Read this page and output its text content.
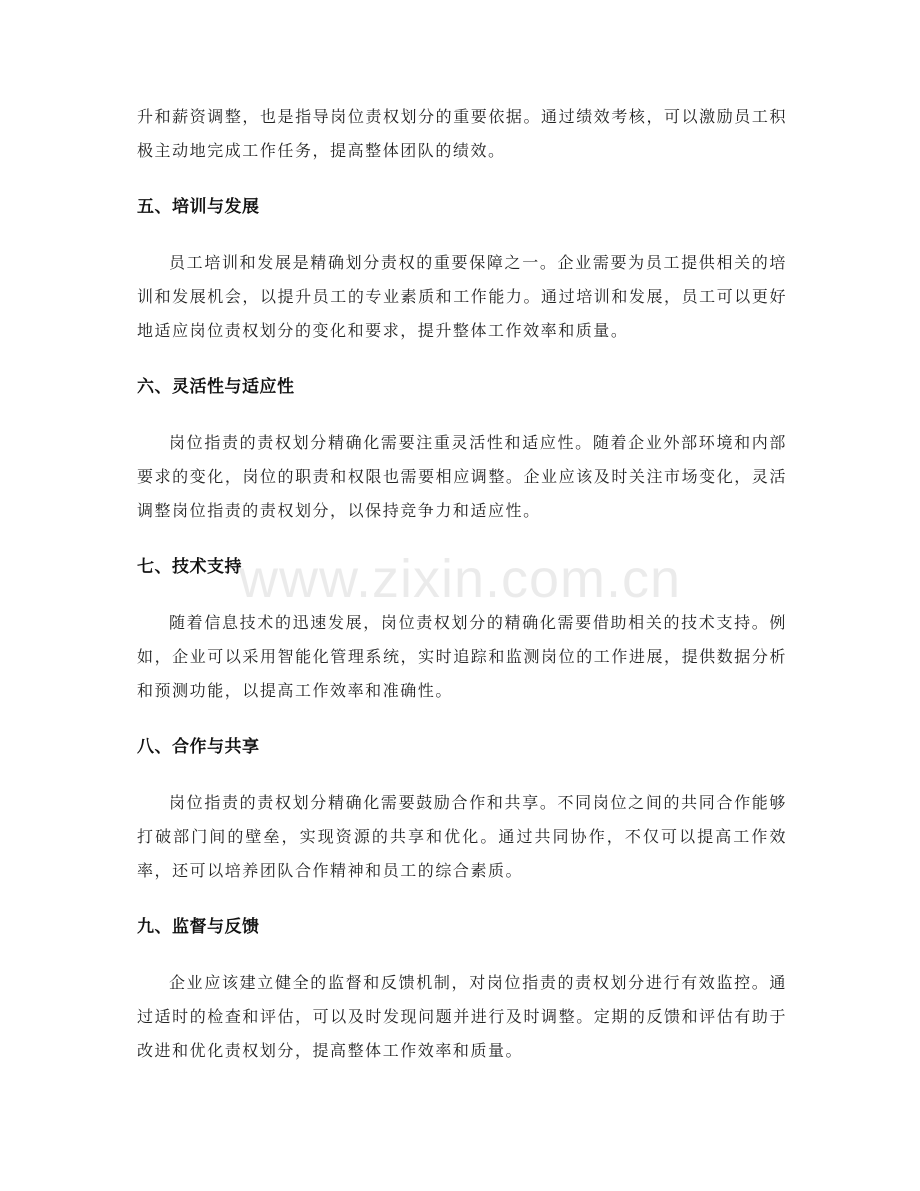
www.zixin.com.cn

升和薪资调整，也是指导岗位责权划分的重要依据。通过绩效考核，可以激励员工积极主动地完成工作任务，提高整体团队的绩效。

五、培训与发展

员工培训和发展是精确划分责权的重要保障之一。企业需要为员工提供相关的培训和发展机会，以提升员工的专业素质和工作能力。通过培训和发展，员工可以更好地适应岗位责权划分的变化和要求，提升整体工作效率和质量。

六、灵活性与适应性

岗位指责的责权划分精确化需要注重灵活性和适应性。随着企业外部环境和内部要求的变化，岗位的职责和权限也需要相应调整。企业应该及时关注市场变化，灵活调整岗位指责的责权划分，以保持竞争力和适应性。

七、技术支持

随着信息技术的迅速发展，岗位责权划分的精确化需要借助相关的技术支持。例如，企业可以采用智能化管理系统，实时追踪和监测岗位的工作进展，提供数据分析和预测功能，以提高工作效率和准确性。

八、合作与共享

岗位指责的责权划分精确化需要鼓励合作和共享。不同岗位之间的共同合作能够打破部门间的壁垒，实现资源的共享和优化。通过共同协作，不仅可以提高工作效率，还可以培养团队合作精神和员工的综合素质。

九、监督与反馈

企业应该建立健全的监督和反馈机制，对岗位指责的责权划分进行有效监控。通过适时的检查和评估，可以及时发现问题并进行及时调整。定期的反馈和评估有助于改进和优化责权划分，提高整体工作效率和质量。
